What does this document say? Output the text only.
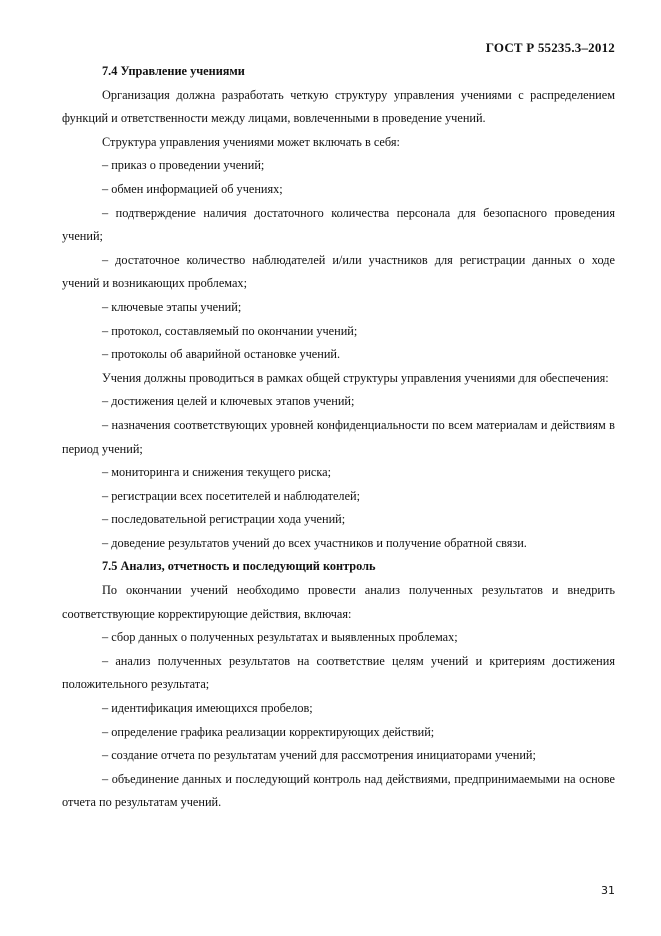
ГОСТ Р 55235.3–2012
7.4 Управление учениями

Организация должна разработать четкую структуру управления учениями с распределением функций и ответственности между лицами, вовлеченными в проведение учений.

Структура управления учениями может включать в себя:

– приказ о проведении учений;

– обмен информацией об учениях;

– подтверждение наличия достаточного количества персонала для безопасного проведения учений;

– достаточное количество наблюдателей и/или участников для регистрации данных о ходе учений и возникающих проблемах;

– ключевые этапы учений;

– протокол, составляемый по окончании учений;

– протоколы об аварийной остановке учений.

Учения должны проводиться в рамках общей структуры управления учениями для обеспечения:

– достижения целей и ключевых этапов учений;

– назначения соответствующих уровней конфиденциальности по всем материалам и действиям в период учений;

– мониторинга и снижения текущего риска;

– регистрации всех посетителей и наблюдателей;

– последовательной регистрации хода учений;

– доведение результатов учений до всех участников и получение обратной связи.

7.5 Анализ, отчетность и последующий контроль

По окончании учений необходимо провести анализ полученных результатов и внедрить соответствующие корректирующие действия, включая:

– сбор данных о полученных результатах и выявленных проблемах;

– анализ полученных результатов на соответствие целям учений и критериям достижения положительного результата;

– идентификация имеющихся пробелов;

– определение графика реализации корректирующих действий;

– создание отчета по результатам учений для рассмотрения инициаторами учений;

– объединение данных и последующий контроль над действиями, предпринимаемыми на основе отчета по результатам учений.

31
